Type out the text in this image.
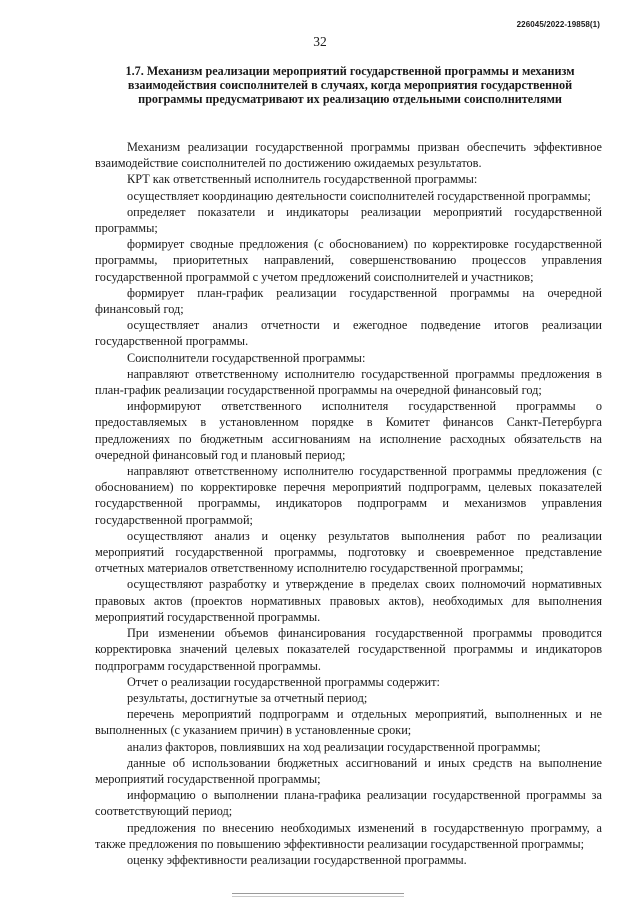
226045/2022-19858(1)
32
1.7. Механизм реализации мероприятий государственной программы и механизм взаимодействия соисполнителей в случаях, когда мероприятия государственной программы предусматривают их реализацию отдельными соисполнителями

Механизм реализации государственной программы призван обеспечить эффективное взаимодействие соисполнителей по достижению ожидаемых результатов.

КРТ как ответственный исполнитель государственной программы:

осуществляет координацию деятельности соисполнителей государственной программы;

определяет показатели и индикаторы реализации мероприятий государственной программы;

формирует сводные предложения (с обоснованием) по корректировке государственной программы, приоритетных направлений, совершенствованию процессов управления государственной программой с учетом предложений соисполнителей и участников;

формирует план-график реализации государственной программы на очередной финансовый год;

осуществляет анализ отчетности и ежегодное подведение итогов реализации государственной программы.

Соисполнители государственной программы:

направляют ответственному исполнителю государственной программы предложения в план-график реализации государственной программы на очередной финансовый год;

информируют ответственного исполнителя государственной программы о предоставляемых в установленном порядке в Комитет финансов Санкт-Петербурга предложениях по бюджетным ассигнованиям на исполнение расходных обязательств на очередной финансовый год и плановый период;

направляют ответственному исполнителю государственной программы предложения (с обоснованием) по корректировке перечня мероприятий подпрограмм, целевых показателей государственной программы, индикаторов подпрограмм и механизмов управления государственной программой;

осуществляют анализ и оценку результатов выполнения работ по реализации мероприятий государственной программы, подготовку и своевременное представление отчетных материалов ответственному исполнителю государственной программы;

осуществляют разработку и утверждение в пределах своих полномочий нормативных правовых актов (проектов нормативных правовых актов), необходимых для выполнения мероприятий государственной программы.

При изменении объемов финансирования государственной программы проводится корректировка значений целевых показателей государственной программы и индикаторов подпрограмм государственной программы.

Отчет о реализации государственной программы содержит:

результаты, достигнутые за отчетный период;

перечень мероприятий подпрограмм и отдельных мероприятий, выполненных и не выполненных (с указанием причин) в установленные сроки;

анализ факторов, повлиявших на ход реализации государственной программы;

данные об использовании бюджетных ассигнований и иных средств на выполнение мероприятий государственной программы;

информацию о выполнении плана-графика реализации государственной программы за соответствующий период;

предложения по внесению необходимых изменений в государственную программу, а также предложения по повышению эффективности реализации государственной программы;

оценку эффективности реализации государственной программы.
